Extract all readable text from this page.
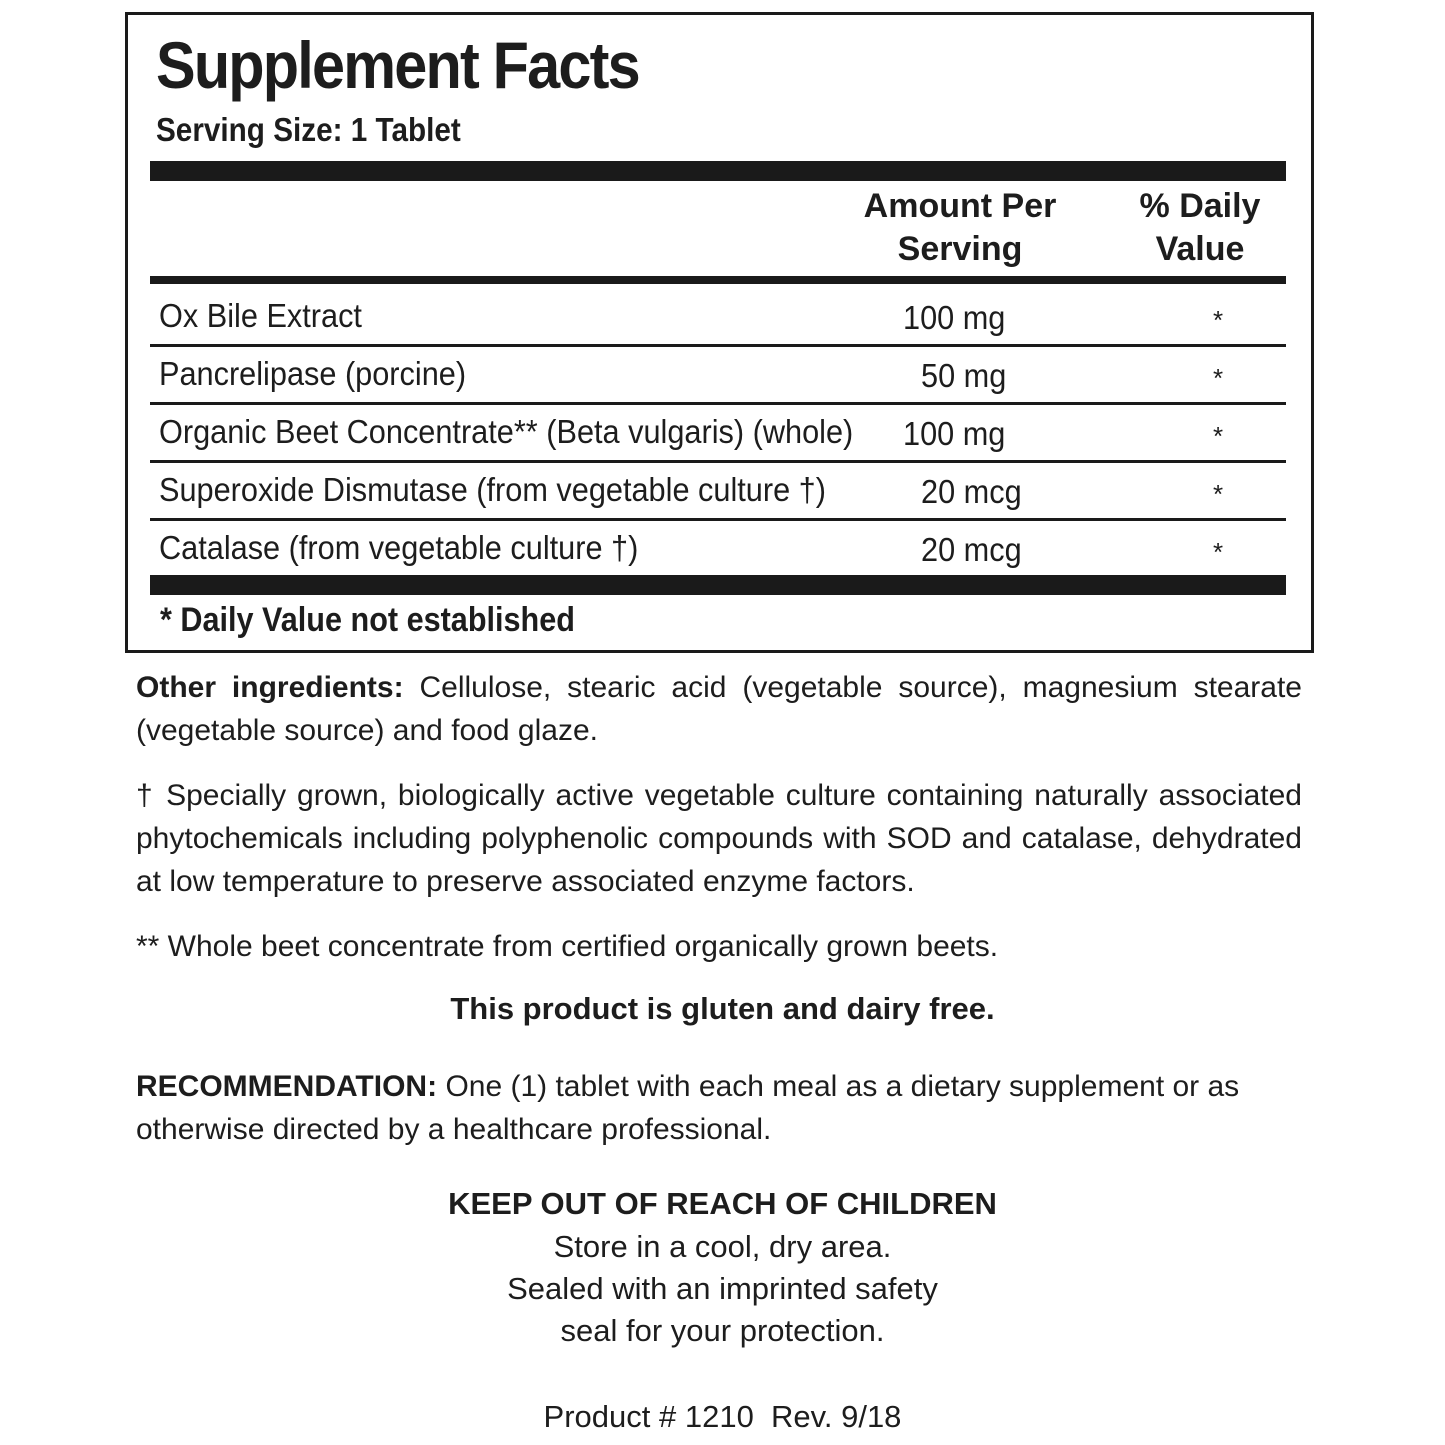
Supplement Facts
Serving Size: 1 Tablet
Amount Per
Serving
% Daily
Value
Ox Bile Extract	100 mg	*
Pancrelipase (porcine)	50 mg	*
Organic Beet Concentrate** (Beta vulgaris) (whole) 100 mg	*
Superoxide Dismutase (from vegetable culture †)	20 mcg	*
Catalase (from vegetable culture †)	20 mcg	*
* Daily Value not established
Other ingredients: Cellulose, stearic acid (vegetable source), magnesium stearate (vegetable source) and food glaze.
† Specially grown, biologically active vegetable culture containing naturally associated phytochemicals including polyphenolic compounds with SOD and catalase, dehydrated at low temperature to preserve associated enzyme factors.
** Whole beet concentrate from certified organically grown beets.
This product is gluten and dairy free.
RECOMMENDATION: One (1) tablet with each meal as a dietary supplement or as otherwise directed by a healthcare professional.
KEEP OUT OF REACH OF CHILDREN
Store in a cool, dry area.
Sealed with an imprinted safety
seal for your protection.
Product # 1210  Rev. 9/18
